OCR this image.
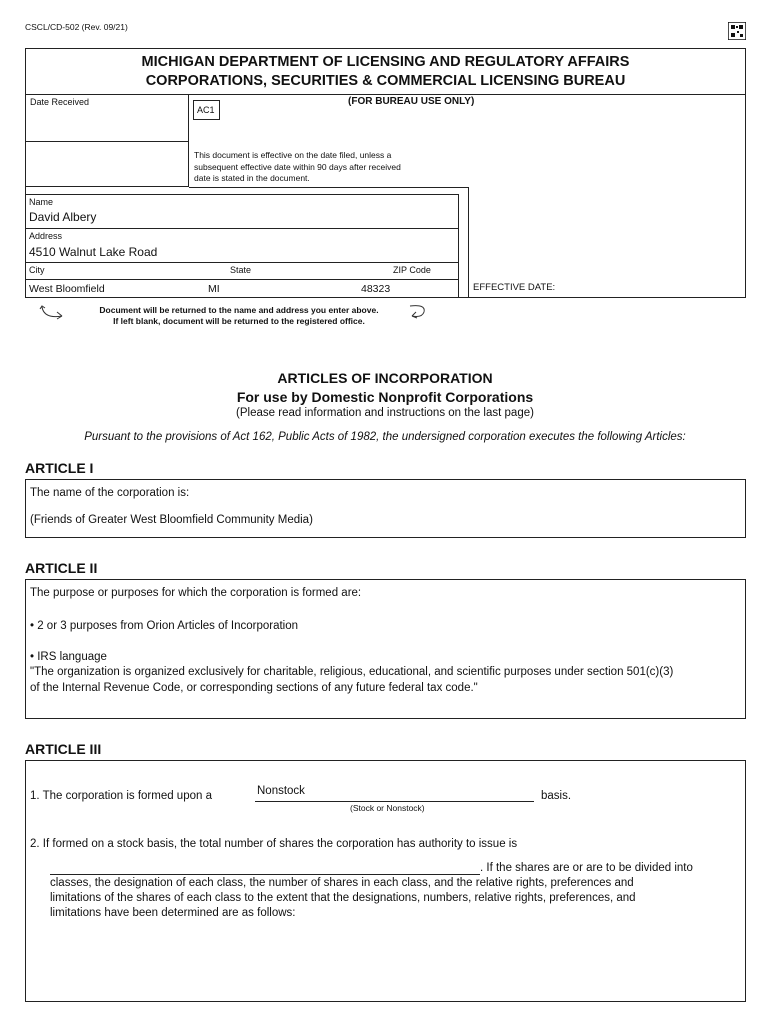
CSCL/CD-502 (Rev. 09/21)
MICHIGAN DEPARTMENT OF LICENSING AND REGULATORY AFFAIRS
CORPORATIONS, SECURITIES & COMMERCIAL LICENSING BUREAU
Date Received
AC1
(FOR BUREAU USE ONLY)
This document is effective on the date filed, unless a
subsequent effective date within 90 days after received
date is stated in the document.
EFFECTIVE DATE:
Name
David Albery
Address
4510 Walnut Lake Road
City	State	ZIP Code
West Bloomfield	MI	48323
Document will be returned to the name and address you enter above.
If left blank, document will be returned to the registered office.
ARTICLES OF INCORPORATION
For use by Domestic Nonprofit Corporations
(Please read information and instructions on the last page)
Pursuant to the provisions of Act 162, Public Acts of 1982, the undersigned corporation executes the following Articles:
ARTICLE I
The name of the corporation is:
(Friends of Greater West Bloomfield Community Media)
ARTICLE II
The purpose or purposes for which the corporation is formed are:
• 2 or 3 purposes from Orion Articles of Incorporation
• IRS language
"The organization is organized exclusively for charitable, religious, educational, and scientific purposes under section 501(c)(3)
of the Internal Revenue Code, or corresponding sections of any future federal tax code."
ARTICLE III
1. The corporation is formed upon a	Nonstock
(Stock or Nonstock)
basis.
2. If formed on a stock basis, the total number of shares the corporation has authority to issue is
. If the shares are or are to be divided into
classes, the designation of each class, the number of shares in each class, and the relative rights, preferences and
limitations of the shares of each class to the extent that the designations, numbers, relative rights, preferences, and
limitations have been determined are as follows:
